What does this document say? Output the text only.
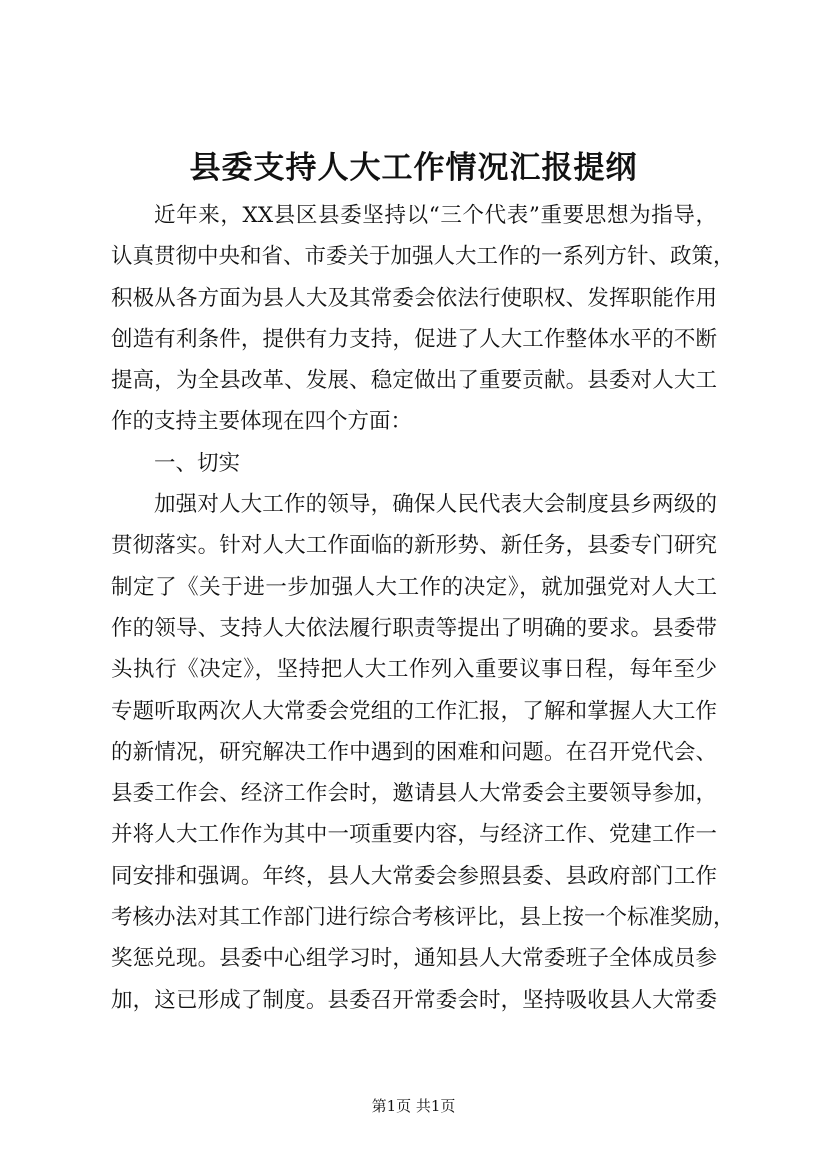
县委支持人大工作情况汇报提纲
近年来，XX县区县委坚持以“三个代表”重要思想为指导，
认真贯彻中央和省、市委关于加强人大工作的一系列方针、政策，
积极从各方面为县人大及其常委会依法行使职权、发挥职能作用
创造有利条件，提供有力支持，促进了人大工作整体水平的不断
提高，为全县改革、发展、稳定做出了重要贡献。县委对人大工
作的支持主要体现在四个方面：
一、切实
加强对人大工作的领导，确保人民代表大会制度县乡两级的
贯彻落实。针对人大工作面临的新形势、新任务，县委专门研究
制定了《关于进一步加强人大工作的决定》，就加强党对人大工
作的领导、支持人大依法履行职责等提出了明确的要求。县委带
头执行《决定》，坚持把人大工作列入重要议事日程，每年至少
专题听取两次人大常委会党组的工作汇报，了解和掌握人大工作
的新情况，研究解决工作中遇到的困难和问题。在召开党代会、
县委工作会、经济工作会时，邀请县人大常委会主要领导参加，
并将人大工作作为其中一项重要内容，与经济工作、党建工作一
同安排和强调。年终，县人大常委会参照县委、县政府部门工作
考核办法对其工作部门进行综合考核评比，县上按一个标准奖励，
奖惩兑现。县委中心组学习时，通知县人大常委班子全体成员参
加，这已形成了制度。县委召开常委会时，坚持吸收县人大常委
第1页 共1页
